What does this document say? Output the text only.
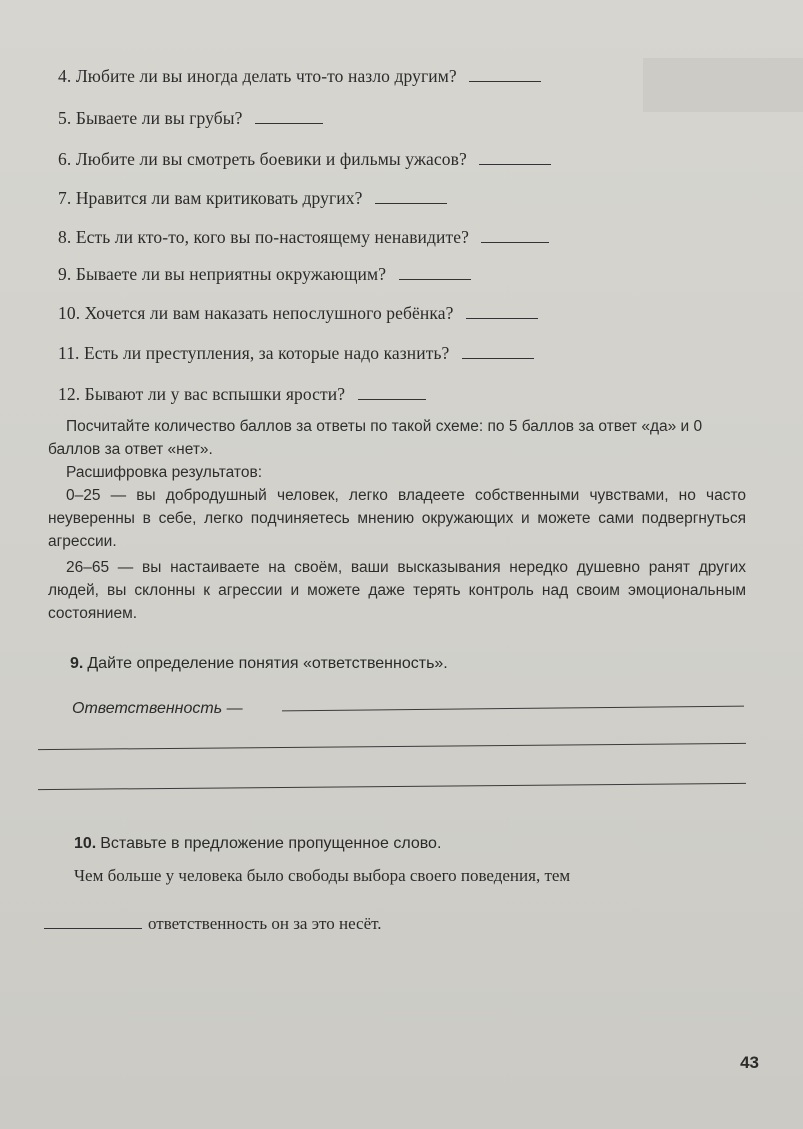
4. Любите ли вы иногда делать что-то назло другим?
5. Бываете ли вы грубы?
6. Любите ли вы смотреть боевики и фильмы ужасов?
7. Нравится ли вам критиковать других?
8. Есть ли кто-то, кого вы по-настоящему ненавидите?
9. Бываете ли вы неприятны окружающим?
10. Хочется ли вам наказать непослушного ребёнка?
11. Есть ли преступления, за которые надо казнить?
12. Бывают ли у вас вспышки ярости?

Посчитайте количество баллов за ответы по такой схеме: по 5 баллов за ответ «да» и 0 баллов за ответ «нет».

Расшифровка результатов:

0–25 — вы добродушный человек, легко владеете собственными чувствами, но часто неуверенны в себе, легко подчиняетесь мнению окружающих и можете сами подвергнуться агрессии.

26–65 — вы настаиваете на своём, ваши высказывания нередко душевно ранят других людей, вы склонны к агрессии и можете даже терять контроль над своим эмоциональным состоянием.

9. Дайте определение понятия «ответственность».
Ответственность —
10. Вставьте в предложение пропущенное слово.
Чем больше у человека было свободы выбора своего поведения, тем
ответственность он за это несёт.
43
